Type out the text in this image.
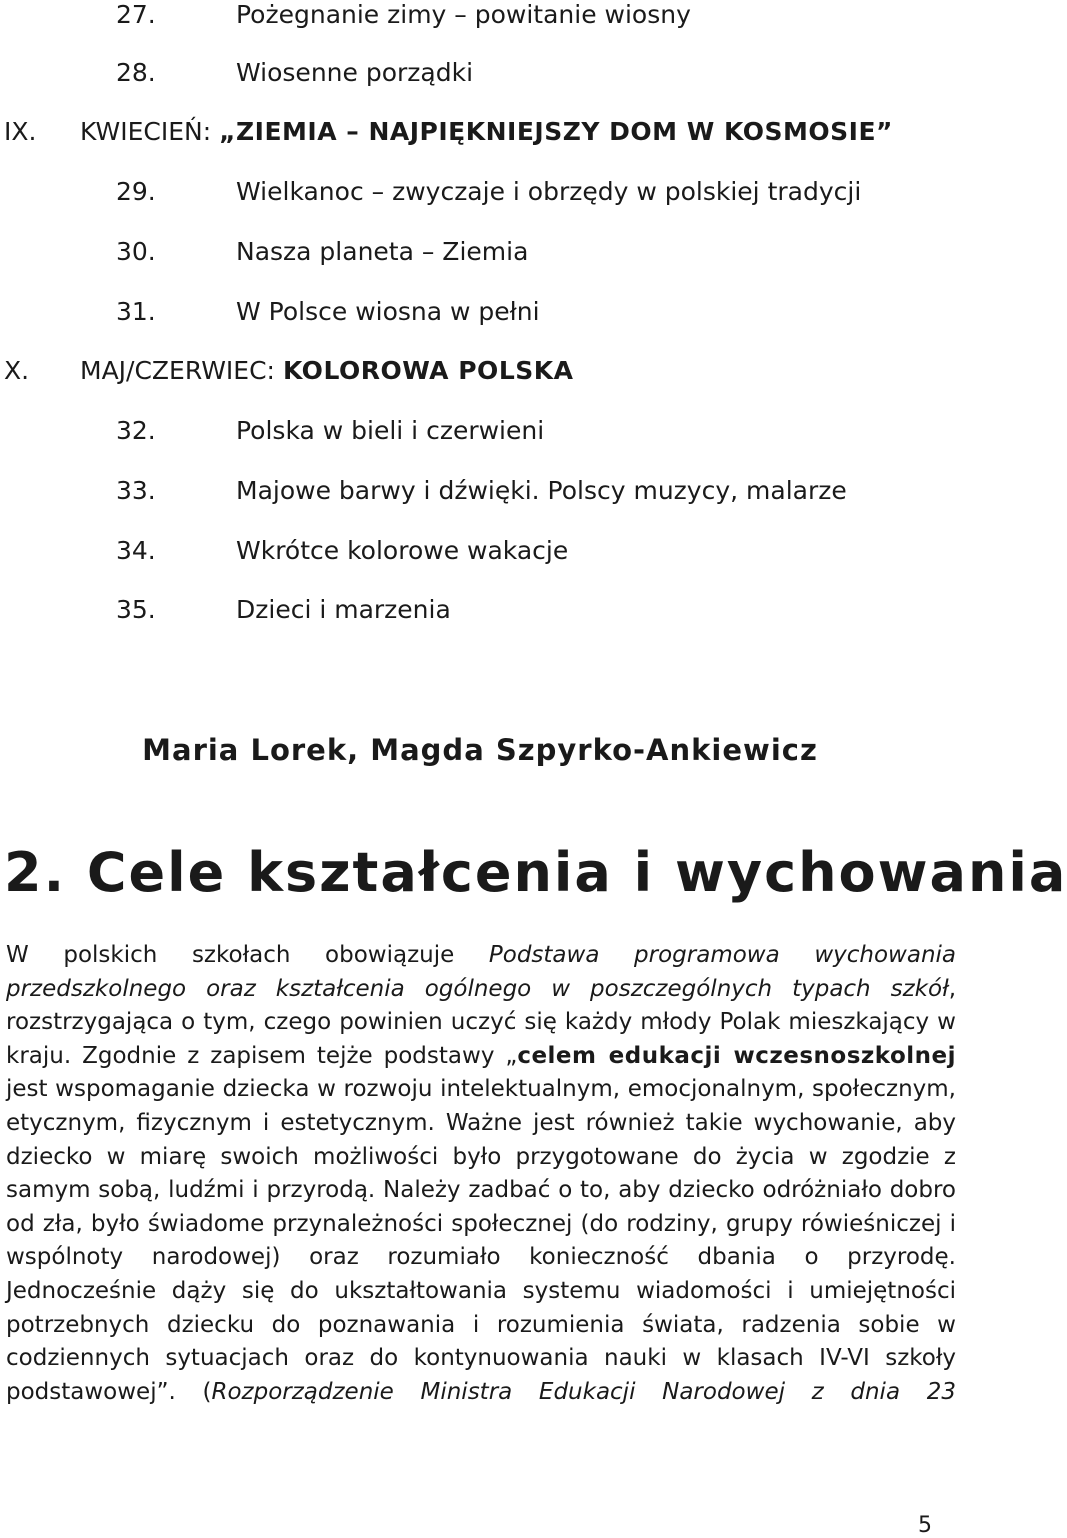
27.	Pożegnanie zimy – powitanie wiosny
28.	Wiosenne porządki
IX. KWIECIEŃ: „ZIEMIA – NAJPIĘKNIEJSZY DOM W KOSMOSIE”
29.	Wielkanoc – zwyczaje i obrzędy w polskiej tradycji
30.	Nasza planeta – Ziemia
31.	W Polsce wiosna w pełni
X. MAJ/CZERWIEC: KOLOROWA POLSKA
32.	Polska w bieli i czerwieni
33.	Majowe barwy i dźwięki. Polscy muzycy, malarze
34.	Wkrótce kolorowe wakacje
35.	Dzieci i marzenia
Maria Lorek, Magda Szpyrko-Ankiewicz
2. Cele kształcenia i wychowania
W polskich szkołach obowiązuje Podstawa programowa wychowania przedszkolnego oraz kształcenia ogólnego w poszczególnych typach szkół, rozstrzygająca o tym, czego powinien uczyć się każdy młody Polak mieszkający w kraju. Zgodnie z zapisem tejże podstawy „celem edukacji wczesnoszkolnej jest wspomaganie dziecka w rozwoju intelektualnym, emocjonalnym, społecznym, etycznym, fizycznym i estetycznym. Ważne jest również takie wychowanie, aby dziecko w miarę swoich możliwości było przygotowane do życia w zgodzie z samym sobą, ludźmi i przyrodą. Należy zadbać o to, aby dziecko odróżniało dobro od zła, było świadome przynależności społecznej (do rodziny, grupy rówieśniczej i wspólnoty narodowej) oraz rozumiało konieczność dbania o przyrodę. Jednocześnie dąży się do ukształtowania systemu wiadomości i umiejętności potrzebnych dziecku do poznawania i rozumienia świata, radzenia sobie w codziennych sytuacjach oraz do kontynuowania nauki w klasach IV-VI szkoły podstawowej”. (Rozporządzenie Ministra Edukacji Narodowej z dnia 23
5
